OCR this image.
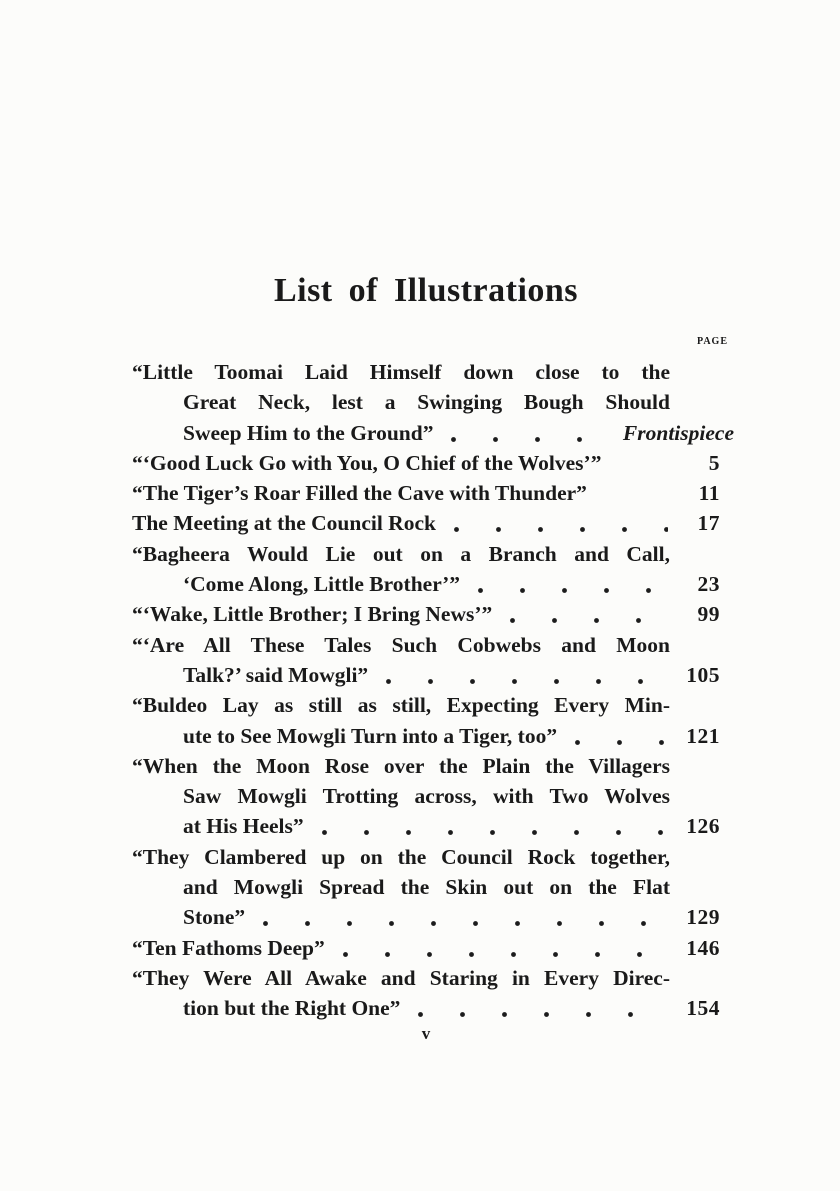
List of Illustrations
PAGE
“Little Toomai Laid Himself down close to the
Great Neck, lest a Swinging Bough Should
Sweep Him to the Ground”	Frontispiece
“‘Good Luck Go with You, O Chief of the Wolves’”	5
“The Tiger’s Roar Filled the Cave with Thunder”	11
The Meeting at the Council Rock	17
“Bagheera Would Lie out on a Branch and Call,
‘Come Along, Little Brother’”	23
“‘Wake, Little Brother; I Bring News’”	99
“‘Are All These Tales Such Cobwebs and Moon
Talk?’ said Mowgli”	105
“Buldeo Lay as still as still, Expecting Every Min-
ute to See Mowgli Turn into a Tiger, too”	121
“When the Moon Rose over the Plain the Villagers
Saw Mowgli Trotting across, with Two Wolves
at His Heels”	126
“They Clambered up on the Council Rock together,
and Mowgli Spread the Skin out on the Flat
Stone”	129
“Ten Fathoms Deep”	146
“They Were All Awake and Staring in Every Direc-
tion but the Right One”	154
v
